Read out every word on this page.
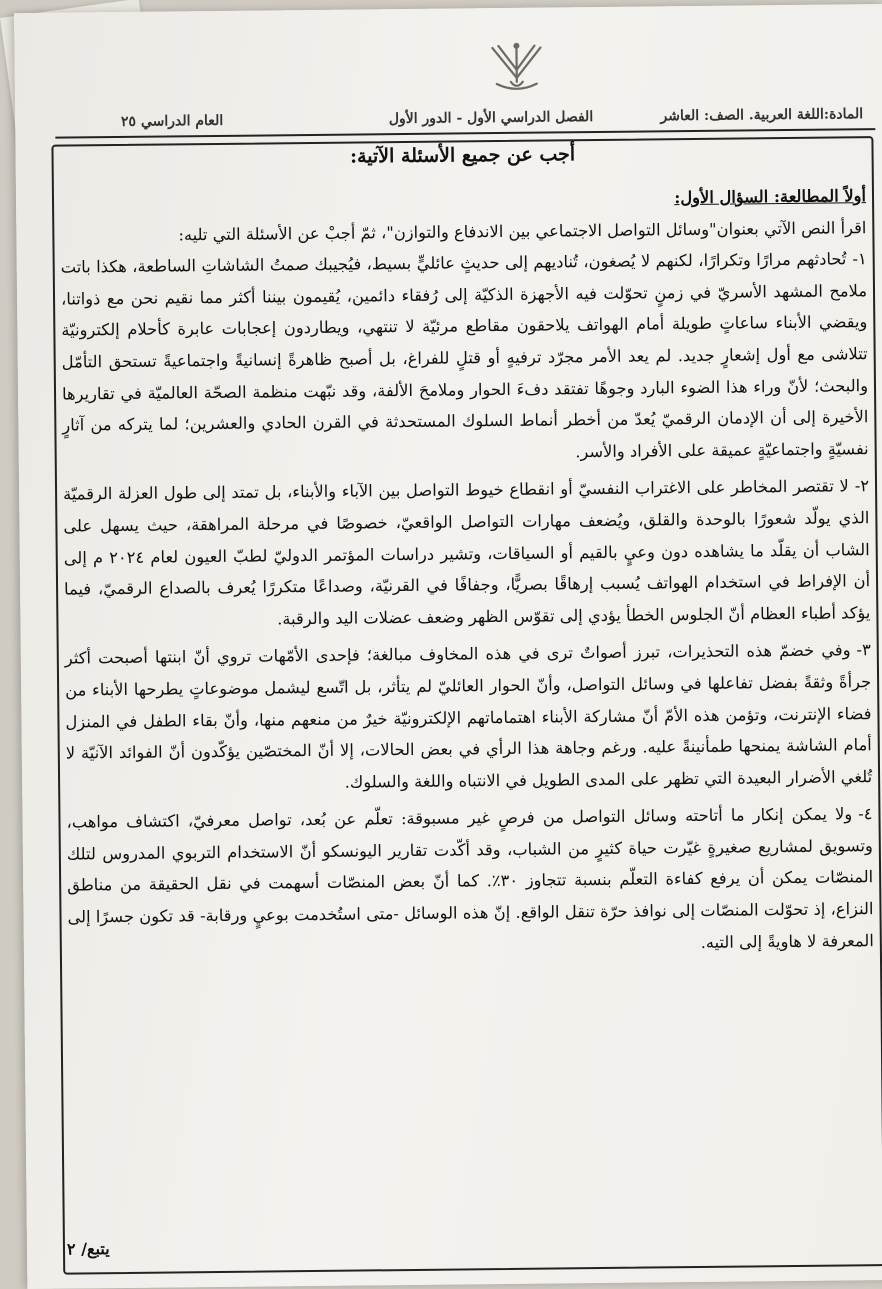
المادة:اللغة العربية. الصف: العاشر
الفصل الدراسي الأول - الدور الأول
العام الدراسي ٢٥
أجب عن جميع الأسئلة الآتية:

أولاً المطالعة: السؤال الأول:

اقرأ النص الآتي بعنوان"وسائل التواصل الاجتماعي بين الاندفاع والتوازن"، ثمّ أجبْ عن الأسئلة التي تليه:

١-تُحادثهم مرارًا وتكرارًا، لكنهم لا يُصغون، تُناديهم إلى حديثٍ عائليٍّ بسيط، فيُجيبك صمتُ الشاشاتِ الساطعة، هكذا باتت ملامح المشهد الأسريّ في زمنٍ تحوّلت فيه الأجهزة الذكيّة إلى رُفقاء دائمين، يُقيمون بيننا أكثر مما نقيم نحن مع ذواتنا، ويقضي الأبناء ساعاتٍ طويلة أمام الهواتف يلاحقون مقاطع مرئيّة لا تنتهي، ويطاردون إعجابات عابرة كأحلام إلكترونيّة تتلاشى مع أول إشعارٍ جديد. لم يعد الأمر مجرّد ترفيهٍ أو قتلٍ للفراغ، بل أصبح ظاهرةً إنسانيةً واجتماعيةً تستحق التأمّل والبحث؛ لأنّ وراء هذا الضوء البارد وجوهًا تفتقد دفءَ الحوار وملامحَ الألفة، وقد نبّهت منظمة الصحّة العالميّة في تقاريرها الأخيرة إلى أن الإدمان الرقميّ يُعدّ من أخطر أنماط السلوك المستحدثة في القرن الحادي والعشرين؛ لما يتركه من آثارٍ نفسيّةٍ واجتماعيّةٍ عميقة على الأفراد والأسر.

٢-لا تقتصر المخاطر على الاغتراب النفسيّ أو انقطاع خيوط التواصل بين الآباء والأبناء، بل تمتد إلى طول العزلة الرقميّة الذي يولّد شعورًا بالوحدة والقلق، ويُضعف مهارات التواصل الواقعيّ، خصوصًا في مرحلة المراهقة، حيث يسهل على الشاب أن يقلّد ما يشاهده دون وعيٍ بالقيم أو السياقات، وتشير دراسات المؤتمر الدوليّ لطبّ العيون لعام ٢٠٢٤ م إلى أن الإفراط في استخدام الهواتف يُسبب إرهاقًا بصريًّا، وجفافًا في القرنيّة، وصداعًا متكررًا يُعرف بالصداع الرقميّ، فيما يؤكد أطباء العظام أنّ الجلوس الخطأ يؤدي إلى تقوّس الظهر وضعف عضلات اليد والرقبة.

٣-وفي خضمّ هذه التحذيرات، تبرز أصواتٌ ترى في هذه المخاوف مبالغة؛ فإحدى الأمّهات تروي أنّ ابنتها أصبحت أكثر جرأةً وثقةً بفضل تفاعلها في وسائل التواصل، وأنّ الحوار العائليّ لم يتأثر، بل اتّسع ليشمل موضوعاتٍ يطرحها الأبناء من فضاء الإنترنت، وتؤمن هذه الأمّ أنّ مشاركة الأبناء اهتماماتهم الإلكترونيّة خيرٌ من منعهم منها، وأنّ بقاء الطفل في المنزل أمام الشاشة يمنحها طمأنينةً عليه. ورغم وجاهة هذا الرأي في بعض الحالات، إلا أنّ المختصّين يؤكّدون أنّ الفوائد الآنيّة لا تُلغي الأضرار البعيدة التي تظهر على المدى الطويل في الانتباه واللغة والسلوك.

٤-ولا يمكن إنكار ما أتاحته وسائل التواصل من فرصٍ غير مسبوقة: تعلّم عن بُعد، تواصل معرفيّ، اكتشاف مواهب، وتسويق لمشاريع صغيرةٍ غيّرت حياة كثيرٍ من الشباب، وقد أكّدت تقارير اليونسكو أنّ الاستخدام التربوي المدروس لتلك المنصّات يمكن أن يرفع كفاءة التعلّم بنسبة تتجاوز ٣٠٪. كما أنّ بعض المنصّات أسهمت في نقل الحقيقة من مناطق النزاع، إذ تحوّلت المنصّات إلى نوافذ حرّة تنقل الواقع. إنّ هذه الوسائل -متى استُخدمت بوعيٍ ورقابة- قد تكون جسرًا إلى المعرفة لا هاويةً إلى التيه.

يتبع/ ٢
